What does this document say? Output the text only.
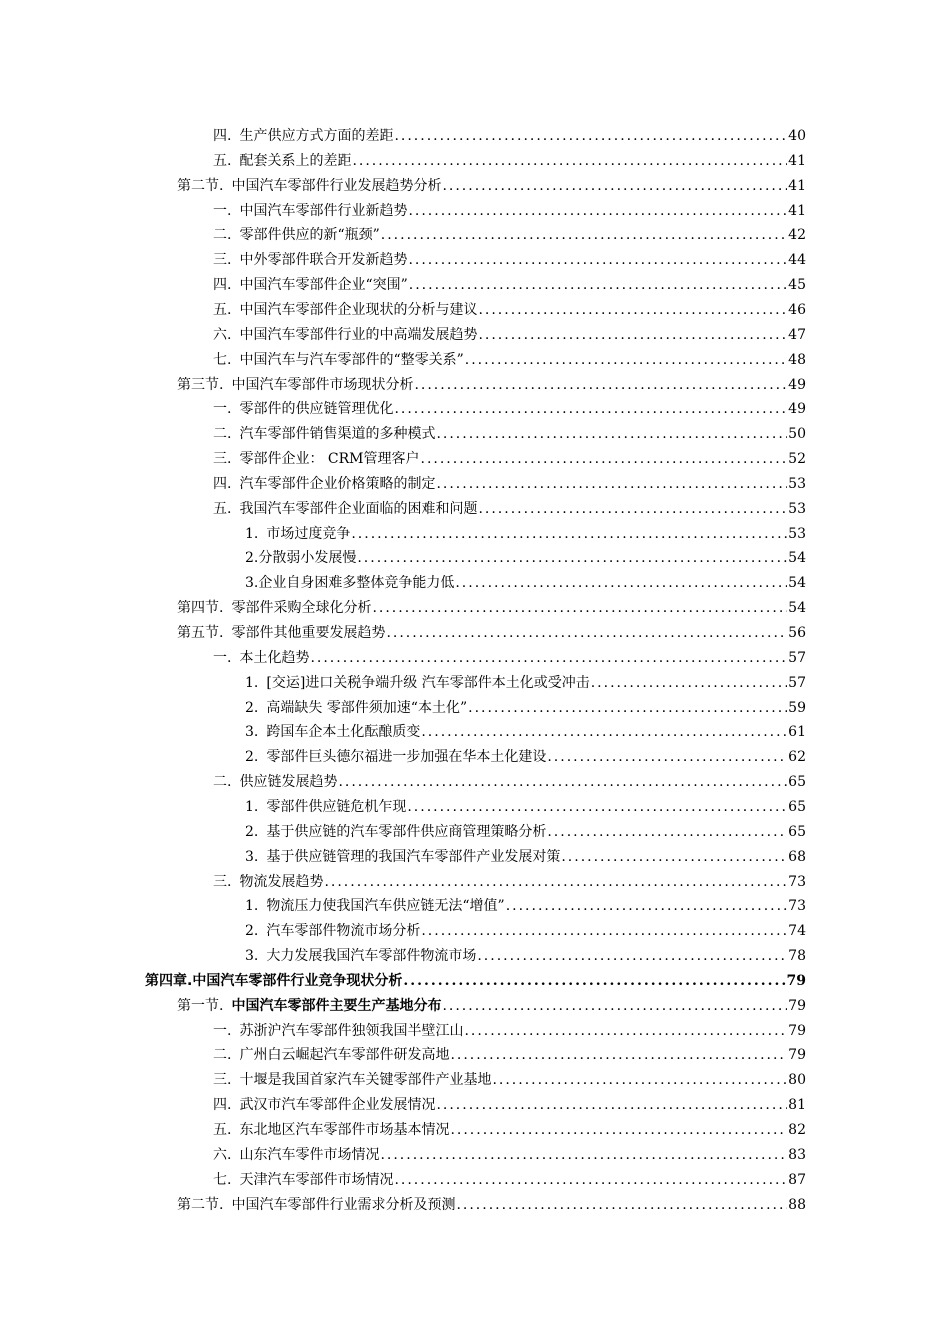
四. 生产供应方式方面的差距 .....	40
五. 配套关系上的差距 .....	41
第二节. 中国汽车零部件行业发展趋势分析 .....	41
一. 中国汽车零部件行业新趋势 .....	41
二. 零部件供应的新“瓶颈” .....	42
三. 中外零部件联合开发新趋势 .....	44
四. 中国汽车零部件企业“突围” .....	45
五. 中国汽车零部件企业现状的分析与建议 .....	46
六. 中国汽车零部件行业的中高端发展趋势 .....	47
七. 中国汽车与汽车零部件的“整零关系” .....	48
第三节. 中国汽车零部件市场现状分析 .....	49
一. 零部件的供应链管理优化 .....	49
二. 汽车零部件销售渠道的多种模式 .....	50
三. 零部件企业： CRM管理客户 .....	52
四. 汽车零部件企业价格策略的制定 .....	53
五. 我国汽车零部件企业面临的困难和问题 .....	53
1. 市场过度竞争 .....	53
2. 分散弱小发展慢 .....	54
3. 企业自身困难多整体竞争能力低 .....	54
第四节. 零部件采购全球化分析 .....	54
第五节. 零部件其他重要发展趋势 .....	56
一. 本土化趋势 .....	57
1. [交运]进口关税争端升级 汽车零部件本土化或受冲击 .....	57
2. 高端缺失 零部件须加速“本土化” .....	59
3. 跨国车企本土化酝酿质变 .....	61
2. 零部件巨头德尔福进一步加强在华本土化建设 .....	62
二. 供应链发展趋势 .....	65
1. 零部件供应链危机乍现 .....	65
2. 基于供应链的汽车零部件供应商管理策略分析 .....	65
3. 基于供应链管理的我国汽车零部件产业发展对策 .....	68
三. 物流发展趋势 .....	73
1. 物流压力使我国汽车供应链无法“增值” .....	73
2. 汽车零部件物流市场分析 .....	74
3. 大力发展我国汽车零部件物流市场 .....	78
第四章. 中国汽车零部件行业竞争现状分析 .....	79
第一节. 中国汽车零部件主要生产基地分布 .....	79
一. 苏浙沪汽车零部件独领我国半壁江山 .....	79
二. 广州白云崛起汽车零部件研发高地 .....	79
三. 十堰是我国首家汽车关键零部件产业基地 .....	80
四. 武汉市汽车零部件企业发展情况 .....	81
五. 东北地区汽车零部件市场基本情况 .....	82
六. 山东汽车零件市场情况 .....	83
七. 天津汽车零部件市场情况 .....	87
第二节. 中国汽车零部件行业需求分析及预测 .....	88
